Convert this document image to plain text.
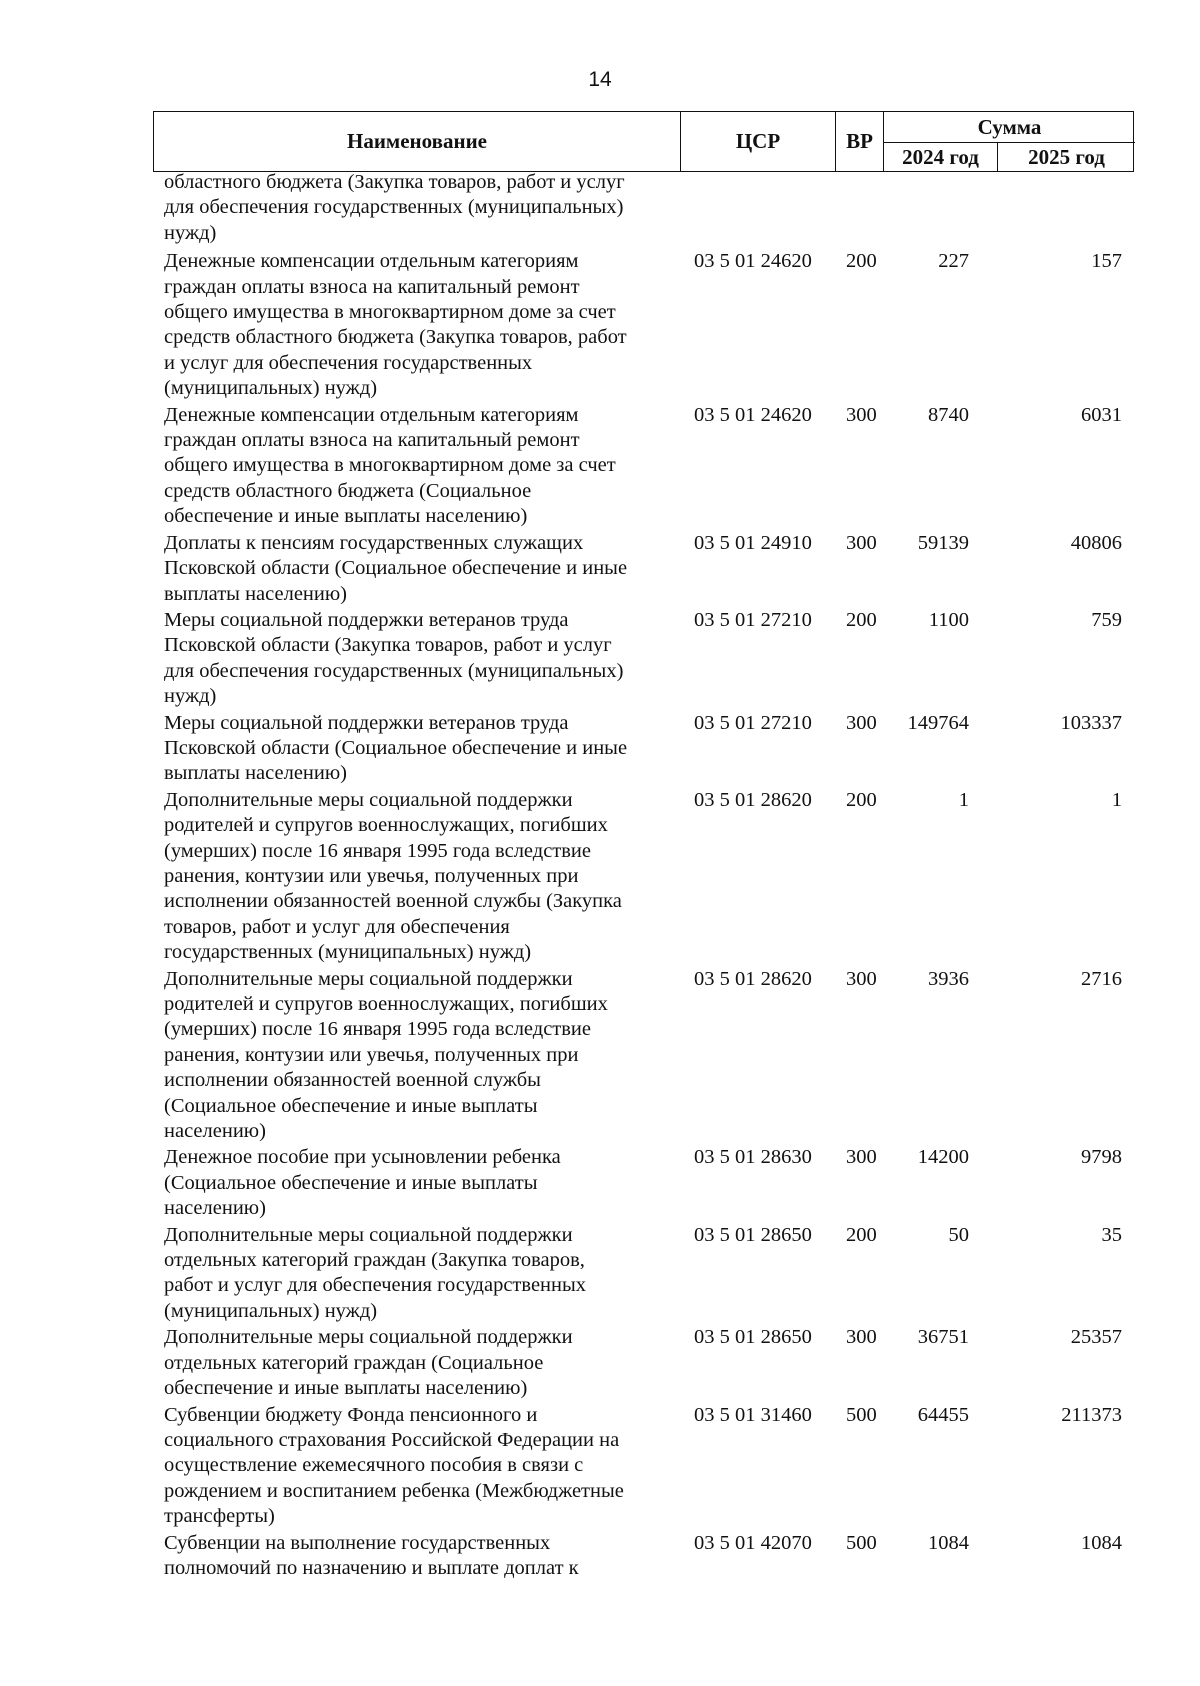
14
Наименование	ЦСР	ВР
Сумма
2024 год	2025 год
областного бюджета (Закупка товаров, работ и услуг
для обеспечения государственных (муниципальных)
нужд)
Денежные компенсации отдельным категориям
граждан оплаты взноса на капитальный ремонт
общего имущества в многоквартирном доме за счет
средств областного бюджета (Закупка товаров, работ
и услуг для обеспечения государственных
(муниципальных) нужд)
03 5 01 24620 200	227	157
Денежные компенсации отдельным категориям
граждан оплаты взноса на капитальный ремонт
общего имущества в многоквартирном доме за счет
средств областного бюджета (Социальное
обеспечение и иные выплаты населению)
03 5 01 24620 300	8740	6031
Доплаты к пенсиям государственных служащих
Псковской области (Социальное обеспечение и иные
выплаты населению)
03 5 01 24910 300 59139	40806
Меры социальной поддержки ветеранов труда
Псковской области (Закупка товаров, работ и услуг
для обеспечения государственных (муниципальных)
нужд)
03 5 01 27210 200	1100	759
Меры социальной поддержки ветеранов труда
Псковской области (Социальное обеспечение и иные
выплаты населению)
03 5 01 27210 300 149764	103337
Дополнительные меры социальной поддержки
родителей и супругов военнослужащих, погибших
(умерших) после 16 января 1995 года вследствие
ранения, контузии или увечья, полученных при
исполнении обязанностей военной службы (Закупка
товаров, работ и услуг для обеспечения
государственных (муниципальных) нужд)
03 5 01 28620 200	1	1
Дополнительные меры социальной поддержки
родителей и супругов военнослужащих, погибших
(умерших) после 16 января 1995 года вследствие
ранения, контузии или увечья, полученных при
исполнении обязанностей военной службы
(Социальное обеспечение и иные выплаты
населению)
03 5 01 28620 300	3936	2716
Денежное пособие при усыновлении ребенка
(Социальное обеспечение и иные выплаты
населению)
03 5 01 28630 300 14200	9798
Дополнительные меры социальной поддержки
отдельных категорий граждан (Закупка товаров,
работ и услуг для обеспечения государственных
(муниципальных) нужд)
03 5 01 28650 200	50	35
Дополнительные меры социальной поддержки
отдельных категорий граждан (Социальное
обеспечение и иные выплаты населению)
03 5 01 28650 300 36751	25357
Субвенции бюджету Фонда пенсионного и
социального страхования Российской Федерации на
осуществление ежемесячного пособия в связи с
рождением и воспитанием ребенка (Межбюджетные
трансферты)
03 5 01 31460 500 64455	211373
Субвенции на выполнение государственных
полномочий по назначению и выплате доплат к
03 5 01 42070 500	1084	1084
